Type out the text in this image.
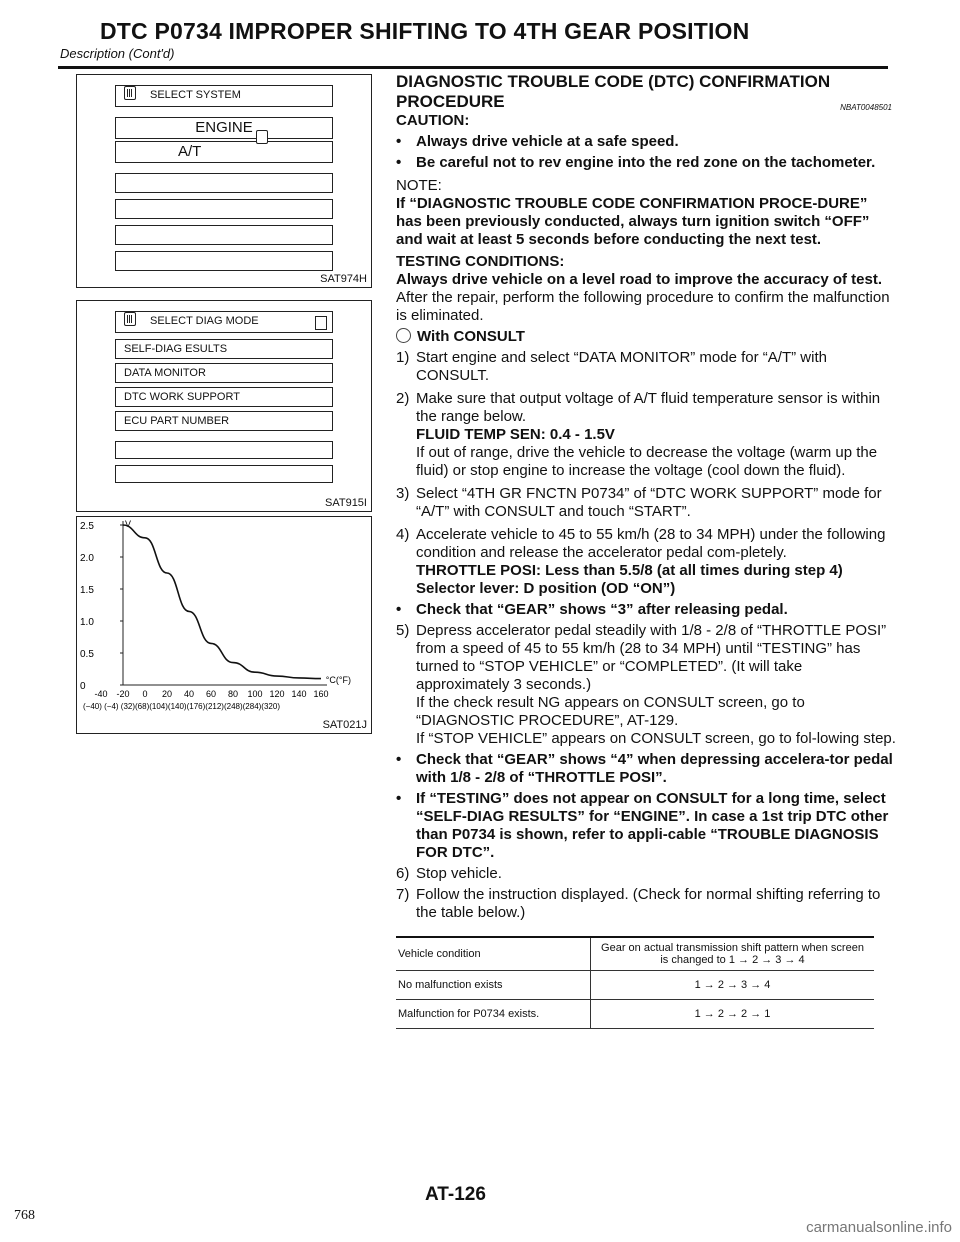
DTC P0734 IMPROPER SHIFTING TO 4TH GEAR POSITION
Description (Cont'd)
SELECT SYSTEM
ENGINE
A/T
SAT974H
SELECT DIAG MODE
SELF-DIAG ESULTS
DATA MONITOR
DTC WORK SUPPORT
ECU PART NUMBER
SAT915I
V
2.5
2.0
1.5
1.0
0.5
0
-40 -20 0 20 40 60 80 100 120 140 160
(−40) (−4) (32)(68)(104)(140)(176)(212)(248)(284)(320)
°C(°F)
SAT021J
DIAGNOSTIC TROUBLE CODE (DTC) CONFIRMATION
PROCEDURE	NBAT0048501
CAUTION:
• Always drive vehicle at a safe speed.
• Be careful not to rev engine into the red zone on the tachometer.
NOTE:
If “DIAGNOSTIC TROUBLE CODE CONFIRMATION PROCE-DURE” has been previously conducted, always turn ignition switch “OFF” and wait at least 5 seconds before conducting the next test.
TESTING CONDITIONS:
Always drive vehicle on a level road to improve the accuracy of test.
After the repair, perform the following procedure to confirm the malfunction is eliminated.
With CONSULT
1) Start engine and select “DATA MONITOR” mode for “A/T” with CONSULT.
2) Make sure that output voltage of A/T fluid temperature sensor is within the range below.
FLUID TEMP SEN: 0.4 - 1.5V
If out of range, drive the vehicle to decrease the voltage (warm up the fluid) or stop engine to increase the voltage (cool down the fluid).
3) Select “4TH GR FNCTN P0734” of “DTC WORK SUPPORT” mode for “A/T” with CONSULT and touch “START”.
4) Accelerate vehicle to 45 to 55 km/h (28 to 34 MPH) under the following condition and release the accelerator pedal com-pletely.
THROTTLE POSI: Less than 5.5/8 (at all times during step 4)
Selector lever: D position (OD “ON”)
• Check that “GEAR” shows “3” after releasing pedal.
5) Depress accelerator pedal steadily with 1/8 - 2/8 of “THROTTLE POSI” from a speed of 45 to 55 km/h (28 to 34 MPH) until “TESTING” has turned to “STOP VEHICLE” or “COMPLETED”. (It will take approximately 3 seconds.)
If the check result NG appears on CONSULT screen, go to “DIAGNOSTIC PROCEDURE”, AT-129.
If “STOP VEHICLE” appears on CONSULT screen, go to fol-lowing step.
• Check that “GEAR” shows “4” when depressing accelera-tor pedal with 1/8 - 2/8 of “THROTTLE POSI”.
• If “TESTING” does not appear on CONSULT for a long time, select “SELF-DIAG RESULTS” for “ENGINE”. In case a 1st trip DTC other than P0734 is shown, refer to appli-cable “TROUBLE DIAGNOSIS FOR DTC”.
6) Stop vehicle.
7) Follow the instruction displayed. (Check for normal shifting referring to the table below.)
Vehicle condition	Gear on actual transmission shift pattern when screen is changed to 1 → 2 → 3 → 4
No malfunction exists	1 → 2 → 3 → 4
Malfunction for P0734 exists.	1 → 2 → 2 → 1
AT-126
768
carmanualsonline.info
